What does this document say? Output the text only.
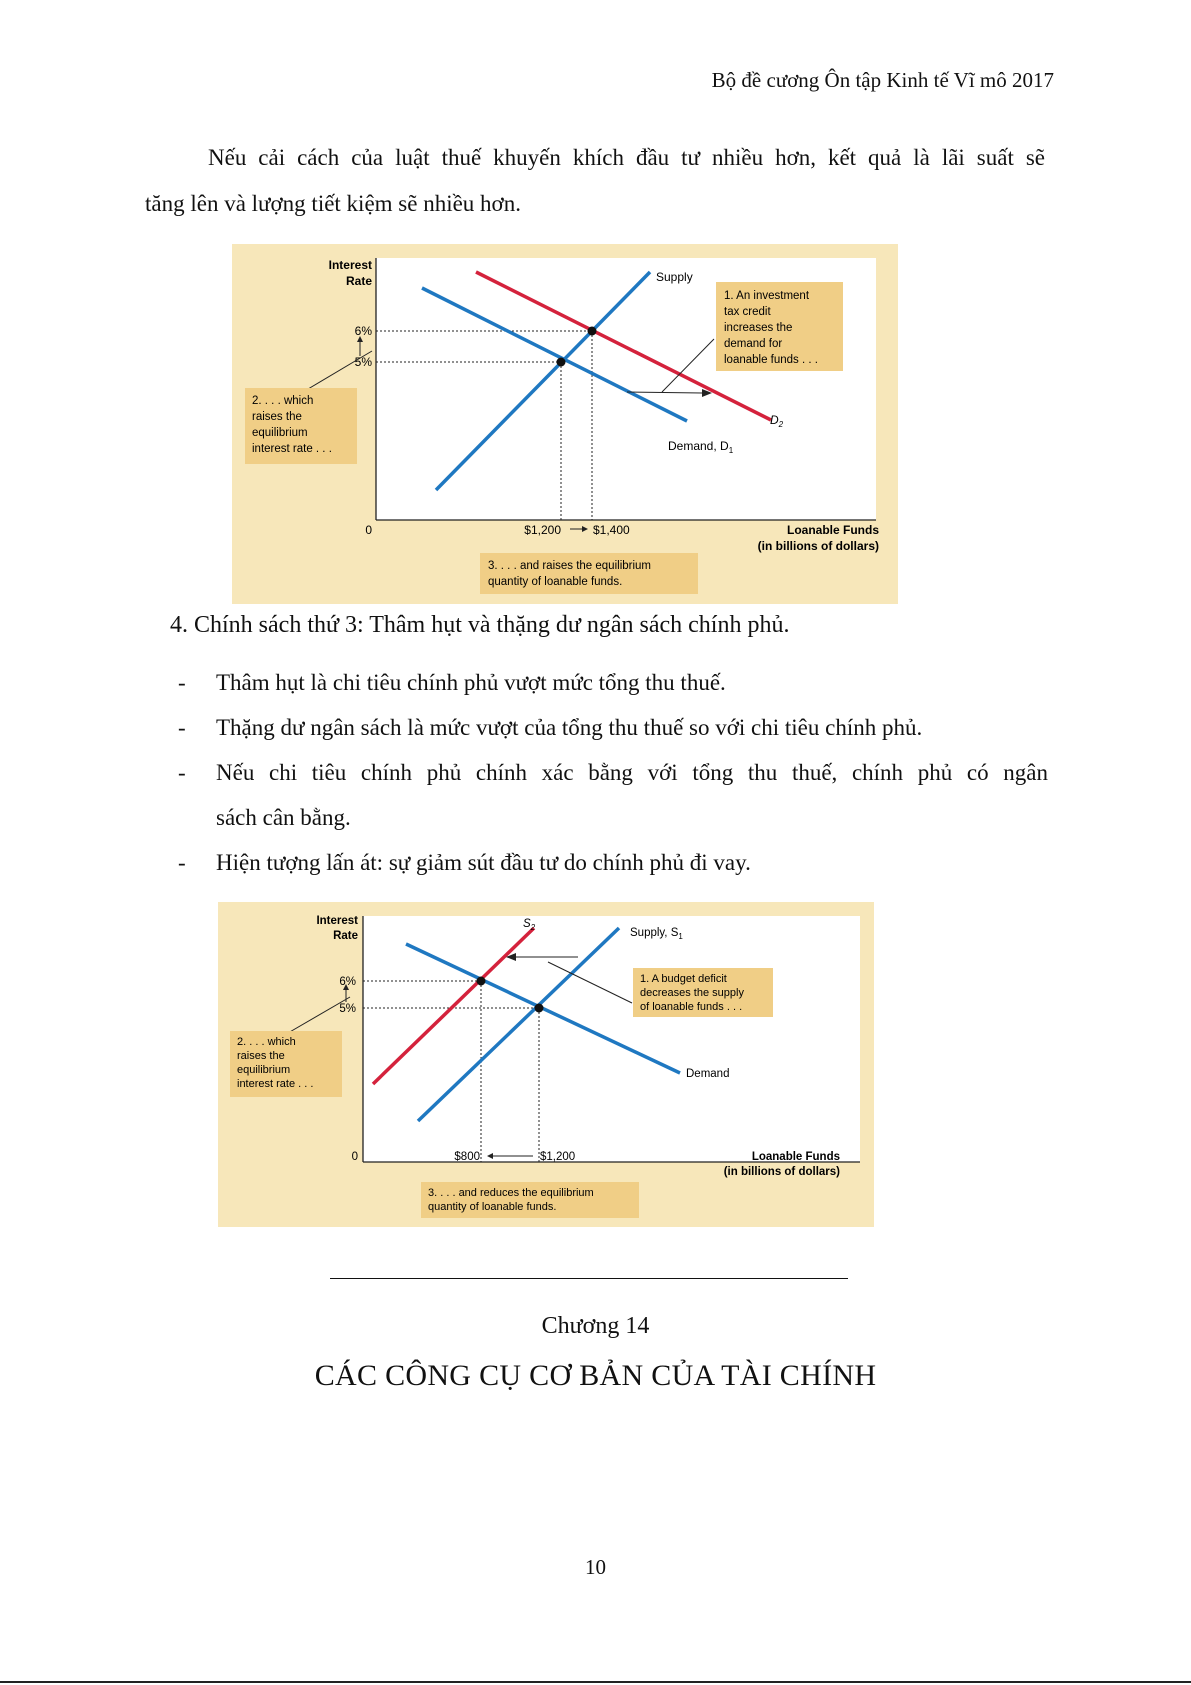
Bộ đề cương Ôn tập Kinh tế Vĩ mô 2017
Nếu cải cách của luật thuế khuyến khích đầu tư nhiều hơn, kết quả là lãi suất sẽ
tăng lên và lượng tiết kiệm sẽ nhiều hơn.
Interest
Rate
6%
5%
0	$1,200	$1,400	Loanable Funds
(in billions of dollars)
Supply
Demand, $D_1$
$D_2$
1. An investment
tax credit
increases the
demand for
loanable funds . . .
2. . . . which
raises the
equilibrium
interest rate . . .
3. . . . and raises the equilibrium
quantity of loanable funds.
4. Chính sách thứ 3: Thâm hụt và thặng dư ngân sách chính phủ.
- Thâm hụt là chi tiêu chính phủ vượt mức tổng thu thuế.
- Thặng dư ngân sách là mức vượt của tổng thu thuế so với chi tiêu chính phủ.
- Nếu chi tiêu chính phủ chính xác bằng với tổng thu thuế, chính phủ có ngân
sách cân bằng.
- Hiện tượng lấn át: sự giảm sút đầu tư do chính phủ đi vay.
Interest
Rate
6%
5%
0	$800	$1,200	Loanable Funds
(in billions of dollars)
Supply, $S_1$
$S_2$
Demand
1. A budget deficit
decreases the supply
of loanable funds . . .
2. . . . which
raises the
equilibrium
interest rate . . .
3. . . . and reduces the equilibrium
quantity of loanable funds.
Chương 14
CÁC CÔNG CỤ CƠ BẢN CỦA TÀI CHÍNH
10
